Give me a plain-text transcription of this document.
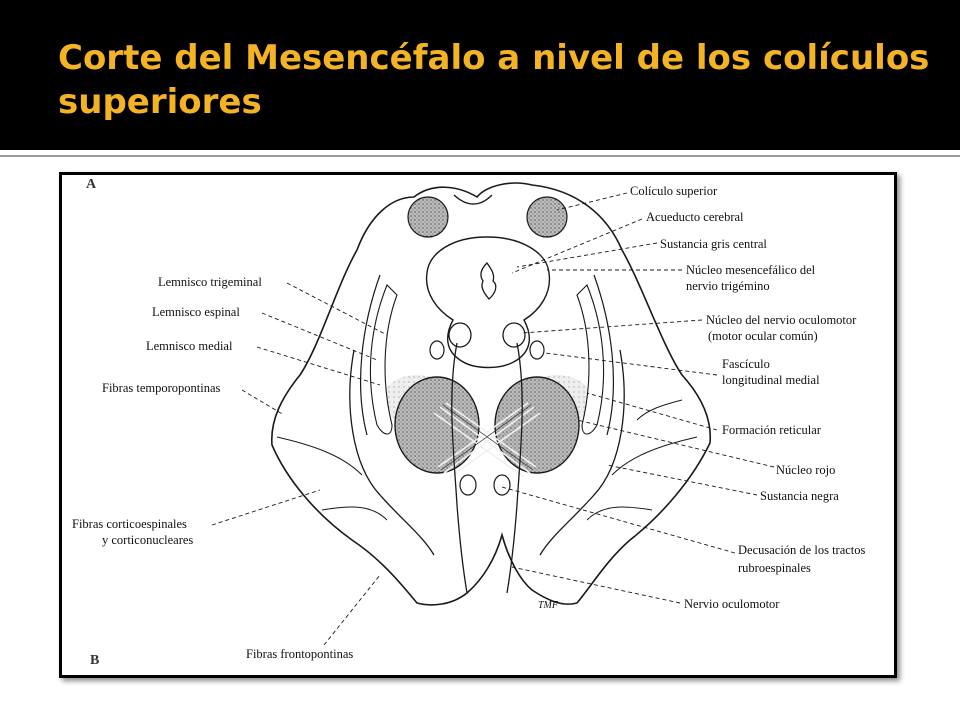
Corte del Mesencéfalo a nivel de los colículos superiores
A
B
TMF
Colículo superior
Acueducto cerebral
Sustancia gris central
Núcleo mesencefálico del
nervio trigémino
Núcleo del nervio oculomotor
(motor ocular común)
Fascículo
longitudinal medial
Formación reticular
Núcleo rojo
Sustancia negra
Decusación de los tractos
rubroespinales
Nervio oculomotor
Lemnisco trigeminal
Lemnisco espinal
Lemnisco medial
Fibras temporopontinas
Fibras corticoespinales
y corticonucleares
Fibras frontopontinas
